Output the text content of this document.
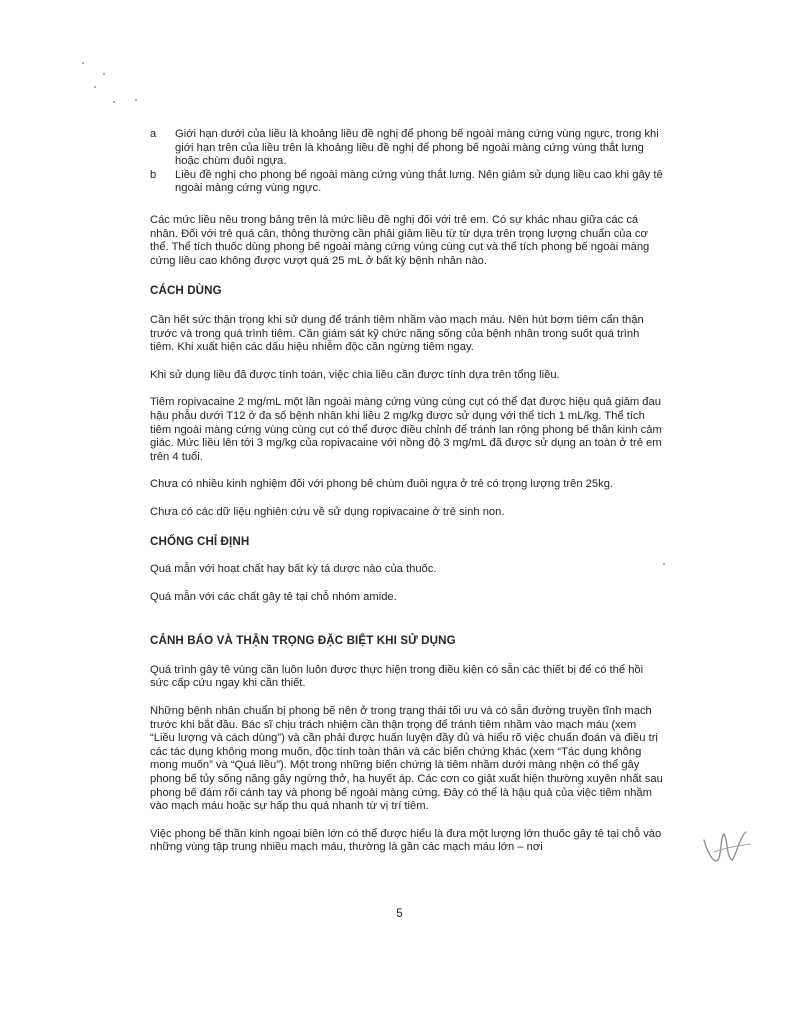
a	Giới hạn dưới của liều là khoảng liều đề nghị để phong bế ngoài màng cứng vùng ngực, trong khi giới hạn trên của liều trên là khoảng liều đề nghị để phong bế ngoài màng cứng vùng thắt lưng hoặc chùm đuôi ngựa.
b	Liều đề nghị cho phong bế ngoài màng cứng vùng thắt lưng. Nên giảm sử dụng liều cao khi gây tê ngoài màng cứng vùng ngực.

Các mức liều nêu trong bảng trên là mức liều đề nghị đối với trẻ em. Có sự khác nhau giữa các cá nhân. Đối với trẻ quá cân, thông thường cần phải giảm liều từ từ dựa trên trọng lượng chuẩn của cơ thể. Thể tích thuốc dùng phong bế ngoài màng cứng vùng cùng cụt và thể tích phong bế ngoài màng cứng liều cao không được vượt quá 25 mL ở bất kỳ bệnh nhân nào.

CÁCH DÙNG

Cần hết sức thận trọng khi sử dụng để tránh tiêm nhầm vào mạch máu. Nên hút bơm tiêm cẩn thận trước và trong quá trình tiêm. Cần giám sát kỹ chức năng sống của bệnh nhân trong suốt quá trình tiêm. Khi xuất hiện các dấu hiệu nhiễm độc cần ngừng tiêm ngay.

Khi sử dụng liều đã được tính toán, việc chia liều cần được tính dựa trên tổng liều.

Tiêm ropivacaine 2 mg/mL một lần ngoài màng cứng vùng cùng cụt có thể đạt được hiệu quả giảm đau hậu phẫu dưới T12 ở đa số bệnh nhân khi liều 2 mg/kg được sử dụng với thể tích 1 mL/kg. Thể tích tiêm ngoài màng cứng vùng cùng cụt có thể được điều chỉnh để tránh lan rộng phong bế thần kinh cảm giác. Mức liều lên tới 3 mg/kg của ropivacaine với nồng độ 3 mg/mL đã được sử dụng an toàn ở trẻ em trên 4 tuổi.

Chưa có nhiều kinh nghiệm đối với phong bế chùm đuôi ngựa ở trẻ có trọng lượng trên 25kg.

Chưa có các dữ liệu nghiên cứu về sử dụng ropivacaine ở trẻ sinh non.

CHỐNG CHỈ ĐỊNH

Quá mẫn với hoạt chất hay bất kỳ tá dược nào của thuốc.

Quá mẫn với các chất gây tê tại chỗ nhóm amide.

CẢNH BÁO VÀ THẬN TRỌNG ĐẶC BIỆT KHI SỬ DỤNG

Quá trình gây tê vùng cần luôn luôn được thực hiện trong điều kiện có sẵn các thiết bị để có thể hồi sức cấp cứu ngay khi cần thiết.

Những bệnh nhân chuẩn bị phong bế nên ở trong trạng thái tối ưu và có sẵn đường truyền tĩnh mạch trước khi bắt đầu. Bác sĩ chịu trách nhiệm cần thận trọng để tránh tiêm nhầm vào mạch máu (xem “Liều lượng và cách dùng”) và cần phải được huấn luyện đầy đủ và hiểu rõ việc chuẩn đoán và điều trị các tác dụng không mong muốn, độc tính toàn thân và các biến chứng khác (xem “Tác dụng không mong muốn” và “Quá liều”). Một trong những biến chứng là tiêm nhầm dưới màng nhện có thể gây phong bế tủy sống năng gây ngừng thở, hạ huyết áp. Các cơn co giật xuất hiện thường xuyên nhất sau phong bế đám rối cánh tay và phong bế ngoài màng cứng. Đây có thể là hậu quả của việc tiêm nhầm vào mạch máu hoặc sự hấp thu quá nhanh từ vị trí tiêm.

Việc phong bế thần kinh ngoại biên lớn có thể được hiểu là đưa một lượng lớn thuốc gây tê tại chỗ vào những vùng tập trung nhiều mạch máu, thường là gần các mạch máu lớn – nơi

5
